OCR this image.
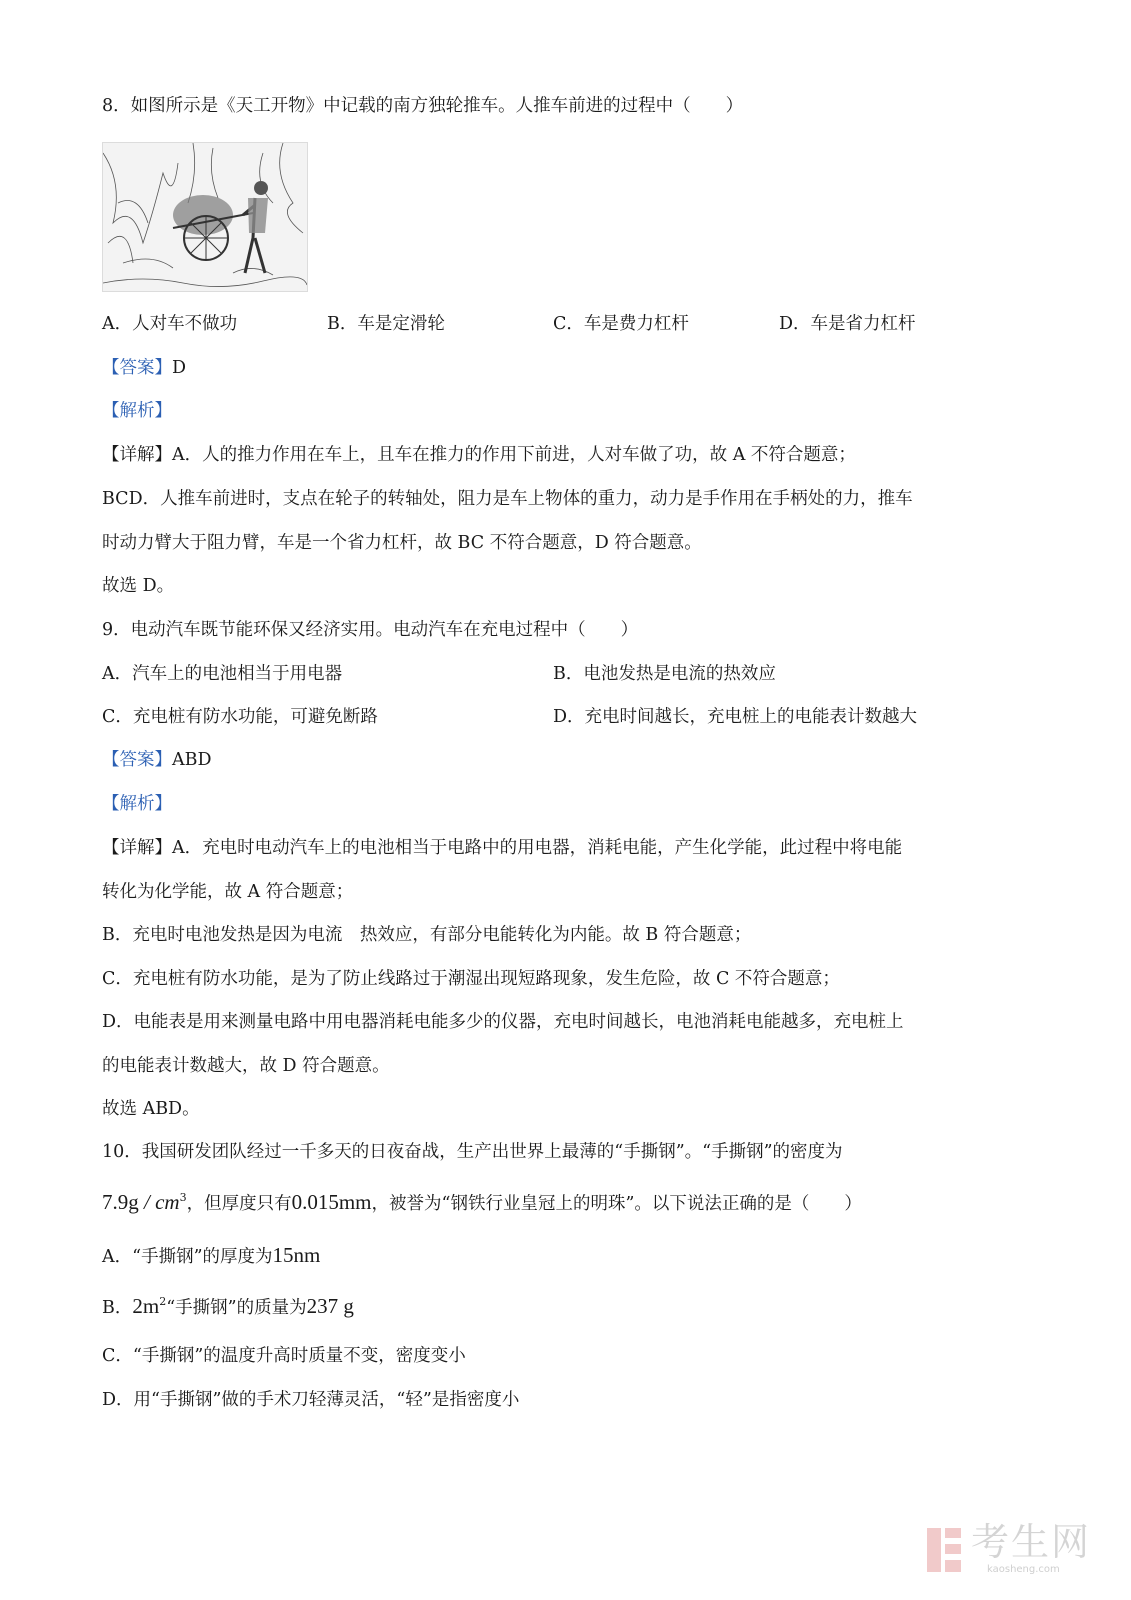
8．如图所示是《天工开物》中记载的南方独轮推车。人推车前进的过程中（　　）

A．人对车不做功	B．车是定滑轮	C．车是费力杠杆	D．车是省力杠杆

【答案】D

【解析】

【详解】A．人的推力作用在车上，且车在推力的作用下前进，人对车做了功，故 A 不符合题意；

BCD．人推车前进时，支点在轮子的转轴处，阻力是车上物体的重力，动力是手作用在手柄处的力，推车

时动力臂大于阻力臂，车是一个省力杠杆，故 BC 不符合题意，D 符合题意。

故选 D。

9．电动汽车既节能环保又经济实用。电动汽车在充电过程中（　　）

A．汽车上的电池相当于用电器	B．电池发热是电流的热效应
C．充电桩有防水功能，可避免断路	D．充电时间越长，充电桩上的电能表计数越大

【答案】ABD

【解析】

【详解】A．充电时电动汽车上的电池相当于电路中的用电器，消耗电能，产生化学能，此过程中将电能

转化为化学能，故 A 符合题意；

B．充电时电池发热是因为电流　热效应，有部分电能转化为内能。故 B 符合题意；

C．充电桩有防水功能，是为了防止线路过于潮湿出现短路现象，发生危险，故 C 不符合题意；

D．电能表是用来测量电路中用电器消耗电能多少的仪器，充电时间越长，电池消耗电能越多，充电桩上

的电能表计数越大，故 D 符合题意。

故选 ABD。

10．我国研发团队经过一千多天的日夜奋战，生产出世界上最薄的“手撕钢”。“手撕钢”的密度为

$7.9g / cm^3$，但厚度只有0.015mm，被誉为“钢铁行业皇冠上的明珠”。以下说法正确的是（　　）

A．“手撕钢”的厚度为15nm

B．$2m^2“$手撕钢”的质量为237 g

C．“手撕钢”的温度升高时质量不变，密度变小

D．用“手撕钢”做的手术刀轻薄灵活，“轻”是指密度小

考生网
kaosheng.com
